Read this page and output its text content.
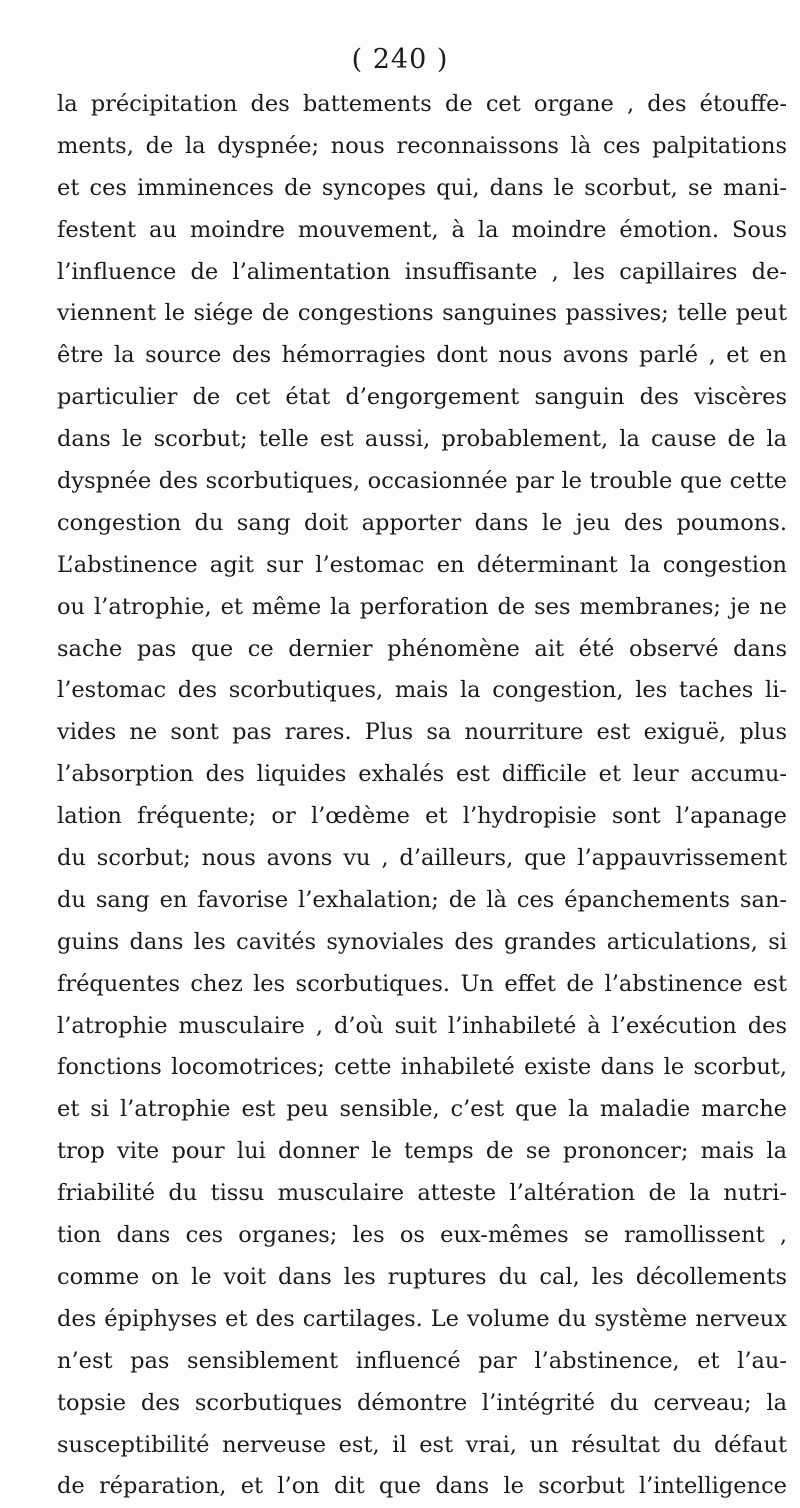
( 240 )
la précipitation des battements de cet organe , des étouffe-
ments, de la dyspnée; nous reconnaissons là ces palpitations
et ces imminences de syncopes qui, dans le scorbut, se mani-
festent au moindre mouvement, à la moindre émotion. Sous
l’influence de l’alimentation insuffisante , les capillaires de-
viennent le siége de congestions sanguines passives; telle peut
être la source des hémorragies dont nous avons parlé , et en
particulier de cet état d’engorgement sanguin des viscères
dans le scorbut; telle est aussi, probablement, la cause de la
dyspnée des scorbutiques, occasionnée par le trouble que cette
congestion du sang doit apporter dans le jeu des poumons.
L’abstinence agit sur l’estomac en déterminant la congestion
ou l’atrophie, et même la perforation de ses membranes; je ne
sache pas que ce dernier phénomène ait été observé dans
l’estomac des scorbutiques, mais la congestion, les taches li-
vides ne sont pas rares. Plus sa nourriture est exiguë, plus
l’absorption des liquides exhalés est difficile et leur accumu-
lation fréquente; or l’œdème et l’hydropisie sont l’apanage
du scorbut; nous avons vu , d’ailleurs, que l’appauvrissement
du sang en favorise l’exhalation; de là ces épanchements san-
guins dans les cavités synoviales des grandes articulations, si
fréquentes chez les scorbutiques. Un effet de l’abstinence est
l’atrophie musculaire , d’où suit l’inhabileté à l’exécution des
fonctions locomotrices; cette inhabileté existe dans le scorbut,
et si l’atrophie est peu sensible, c’est que la maladie marche
trop vite pour lui donner le temps de se prononcer; mais la
friabilité du tissu musculaire atteste l’altération de la nutri-
tion dans ces organes; les os eux-mêmes se ramollissent ,
comme on le voit dans les ruptures du cal, les décollements
des épiphyses et des cartilages. Le volume du système nerveux
n’est pas sensiblement influencé par l’abstinence, et l’au-
topsie des scorbutiques démontre l’intégrité du cerveau; la
susceptibilité nerveuse est, il est vrai, un résultat du défaut
de réparation, et l’on dit que dans le scorbut l’intelligence
